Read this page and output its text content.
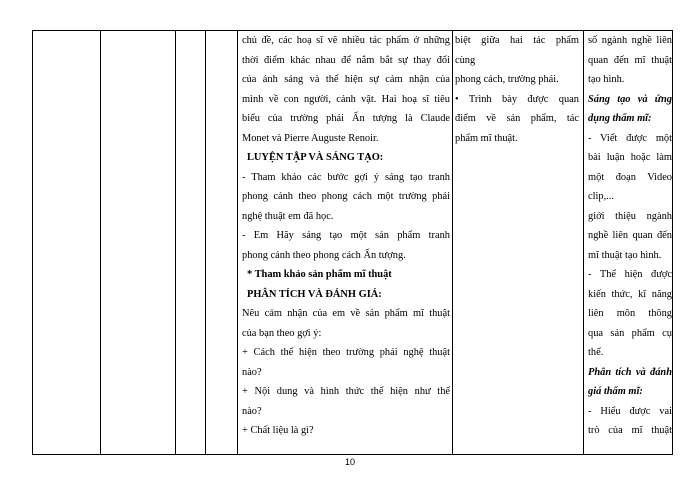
chủ đề, các hoạ sĩ vẽ nhiều tác phẩm ở những

thời điểm khác nhau để nắm bắt sự thay đổi

của ánh sáng và thể hiện sự cảm nhận của

mình về con người, cảnh vật. Hai hoạ sĩ tiêu

biểu của trường phái Ấn tượng là Claude

Monet và Pierre Auguste Renoir.

LUYỆN TẬP VÀ SÁNG TẠO:

- Tham khảo các bước gợi ý sáng tạo tranh

phong cảnh theo phong cách một trường phái

nghệ thuật em đã học.

- Em Hãy sáng tạo một sản phẩm tranh

phong cảnh theo phong cách Ấn tượng.

* Tham khảo sản phẩm mĩ thuật

PHÂN TÍCH VÀ ĐÁNH GIÁ:

Nêu cảm nhận của em về sản phẩm mĩ thuật

của bạn theo gợi ý:

+ Cách thể hiện theo trường phái nghệ thuật

nào?

+ Nội dung và hình thức thể hiện như thế

nào?

+ Chất liệu là gì?

biệt giữa hai tác phẩm

cùng

phong cách, trường phái.

• Trình bày được quan

điểm về sản phẩm, tác

phẩm mĩ thuật.

số ngành nghề liên

quan đến mĩ thuật

tạo hình.

Sáng tạo và ứng

dụng thẩm mĩ:

- Viết được một

bài luận hoặc làm

một đoạn Video

clip,...

giới thiệu ngành

nghề liên quan đến

mĩ thuật tạo hình.

- Thể hiện được

kiến thức, kĩ năng

liên môn thông

qua sản phẩm cụ

thể.

Phân tích và đánh

giá thẩm mĩ:

- Hiểu được vai

trò của mĩ thuật

10
